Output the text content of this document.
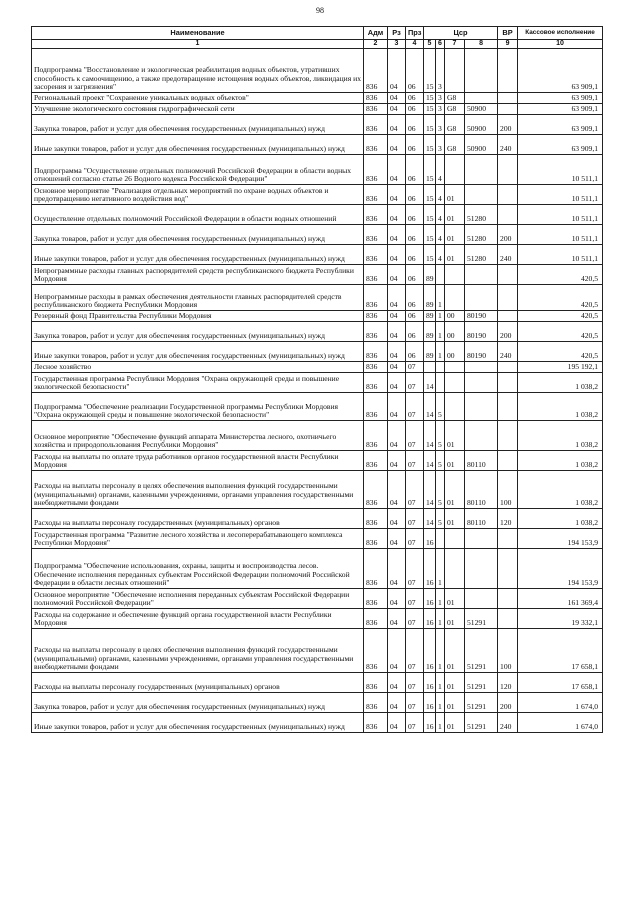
98
Наименование	Адм	Рз	Прз	Цср				ВР	Кассовое исполнение
1	2	3	4	5	6	7	8	9	10
Подпрограмма "Восстановление и экологическая реабилитация водных объектов, утративших способность к самоочищению, а также предотвращение истощения водных объектов, ликвидация их засорения и загрязнения"	836	04	06	15	3				63 909,1
Региональный проект "Сохранение уникальных водных объектов"	836	04	06	15	3	G8			63 909,1
Улучшение экологического состояния гидрографической сети	836	04	06	15	3	G8	50900		63 909,1
Закупка товаров, работ и услуг для обеспечения государственных (муниципальных) нужд	836	04	06	15	3	G8	50900	200	63 909,1
Иные закупки товаров, работ и услуг для обеспечения государственных (муниципальных) нужд	836	04	06	15	3	G8	50900	240	63 909,1
Подпрограмма "Осуществление отдельных полномочий Российской Федерации в области водных отношений согласно статье 26 Водного кодекса Российской Федерации"	836	04	06	15	4				10 511,1
Основное мероприятие "Реализация отдельных мероприятий по охране водных объектов и предотвращению негативного воздействия вод"	836	04	06	15	4	01			10 511,1
Осуществление отдельных полномочий Российской Федерации в области водных отношений	836	04	06	15	4	01	51280		10 511,1
Закупка товаров, работ и услуг для обеспечения государственных (муниципальных) нужд	836	04	06	15	4	01	51280	200	10 511,1
Иные закупки товаров, работ и услуг для обеспечения государственных (муниципальных) нужд	836	04	06	15	4	01	51280	240	10 511,1
Непрограммные расходы главных распорядителей средств республиканского бюджета Республики Мордовия	836	04	06	89					420,5
Непрограммные расходы в рамках обеспечения деятельности главных распорядителей средств республиканского бюджета Республики Мордовия	836	04	06	89	1				420,5
Резервный фонд Правительства Республики Мордовия	836	04	06	89	1	00	80190		420,5
Закупка товаров, работ и услуг для обеспечения государственных (муниципальных) нужд	836	04	06	89	1	00	80190	200	420,5
Иные закупки товаров, работ и услуг для обеспечения государственных (муниципальных) нужд	836	04	06	89	1	00	80190	240	420,5
Лесное хозяйство	836	04	07						195 192,1
Государственная программа Республики Мордовия "Охрана окружающей среды и повышение экологической безопасности"	836	04	07	14					1 038,2
Подпрограмма "Обеспечение реализации Государственной программы Республики Мордовия "Охрана окружающей среды и повышение экологической безопасности"	836	04	07	14	5				1 038,2
Основное мероприятие "Обеспечение функций аппарата Министерства лесного, охотничьего хозяйства и природопользования Республики Мордовия"	836	04	07	14	5	01			1 038,2
Расходы на выплаты по оплате труда работников органов государственной власти Республики Мордовия	836	04	07	14	5	01	80110		1 038,2
Расходы на выплаты персоналу в целях обеспечения выполнения функций государственными (муниципальными) органами, казенными учреждениями, органами управления государственными внебюджетными фондами	836	04	07	14	5	01	80110	100	1 038,2
Расходы на выплаты персоналу государственных (муниципальных) органов	836	04	07	14	5	01	80110	120	1 038,2
Государственная программа "Развитие лесного хозяйства и лесоперерабатывающего комплекса Республики Мордовия"	836	04	07	16					194 153,9
Подпрограмма "Обеспечение использования, охраны, защиты и воспроизводства лесов. Обеспечение исполнения переданных субъектам Российской Федерации полномочий Российской Федерации в области лесных отношений"	836	04	07	16	1				194 153,9
Основное мероприятие "Обеспечение исполнения переданных субъектам Российской Федерации полномочий Российской Федерации"	836	04	07	16	1	01			161 369,4
Расходы на содержание и обеспечение функций органа государственной власти Республики Мордовия	836	04	07	16	1	01	51291		19 332,1
Расходы на выплаты персоналу в целях обеспечения выполнения функций государственными (муниципальными) органами, казенными учреждениями, органами управления государственными внебюджетными фондами	836	04	07	16	1	01	51291	100	17 658,1
Расходы на выплаты персоналу государственных (муниципальных) органов	836	04	07	16	1	01	51291	120	17 658,1
Закупка товаров, работ и услуг для обеспечения государственных (муниципальных) нужд	836	04	07	16	1	01	51291	200	1 674,0
Иные закупки товаров, работ и услуг для обеспечения государственных (муниципальных) нужд	836	04	07	16	1	01	51291	240	1 674,0
